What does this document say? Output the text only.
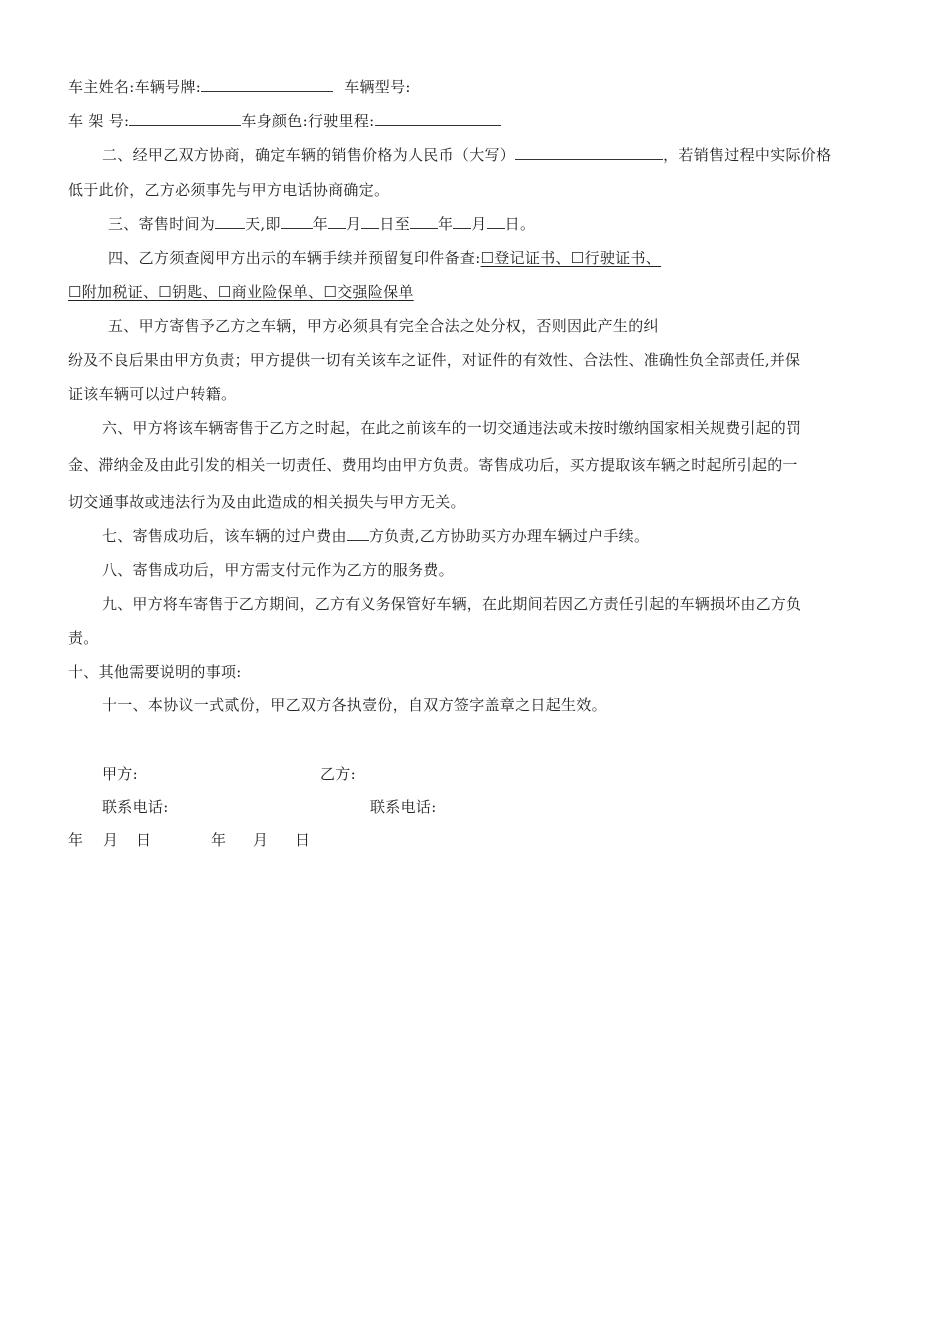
车主姓名:车辆号牌:	车辆型号:
车 架 号:	车身颜色:行驶里程:
二、经甲乙双方协商，确定车辆的销售价格为人民币（大写）	，若销售过程中实际价格
低于此价，乙方必须事先与甲方电话协商确定。
三、寄售时间为 天,即 年 月 日至 年 月 日。
四、乙方须查阅甲方出示的车辆手续并预留复印件备查:☐登记证书、☐行驶证书、
☐附加税证、☐钥匙、☐商业险保单、☐交强险保单
五、甲方寄售予乙方之车辆，甲方必须具有完全合法之处分权，否则因此产生的纠
纷及不良后果由甲方负责；甲方提供一切有关该车之证件，对证件的有效性、合法性、准确性负全部责任,并保
证该车辆可以过户转籍。
六、甲方将该车辆寄售于乙方之时起，在此之前该车的一切交通违法或未按时缴纳国家相关规费引起的罚
金、滞纳金及由此引发的相关一切责任、费用均由甲方负责。寄售成功后，买方提取该车辆之时起所引起的一
切交通事故或违法行为及由此造成的相关损失与甲方无关。
七、寄售成功后，该车辆的过户费由 方负责,乙方协助买方办理车辆过户手续。
八、寄售成功后，甲方需支付元作为乙方的服务费。
九、甲方将车寄售于乙方期间，乙方有义务保管好车辆，在此期间若因乙方责任引起的车辆损坏由乙方负
责。
十、其他需要说明的事项:
十一、本协议一式贰份，甲乙双方各执壹份，自双方签字盖章之日起生效。
甲方:	乙方:
联系电话:	联系电话:
年 月 日	年 月 日
